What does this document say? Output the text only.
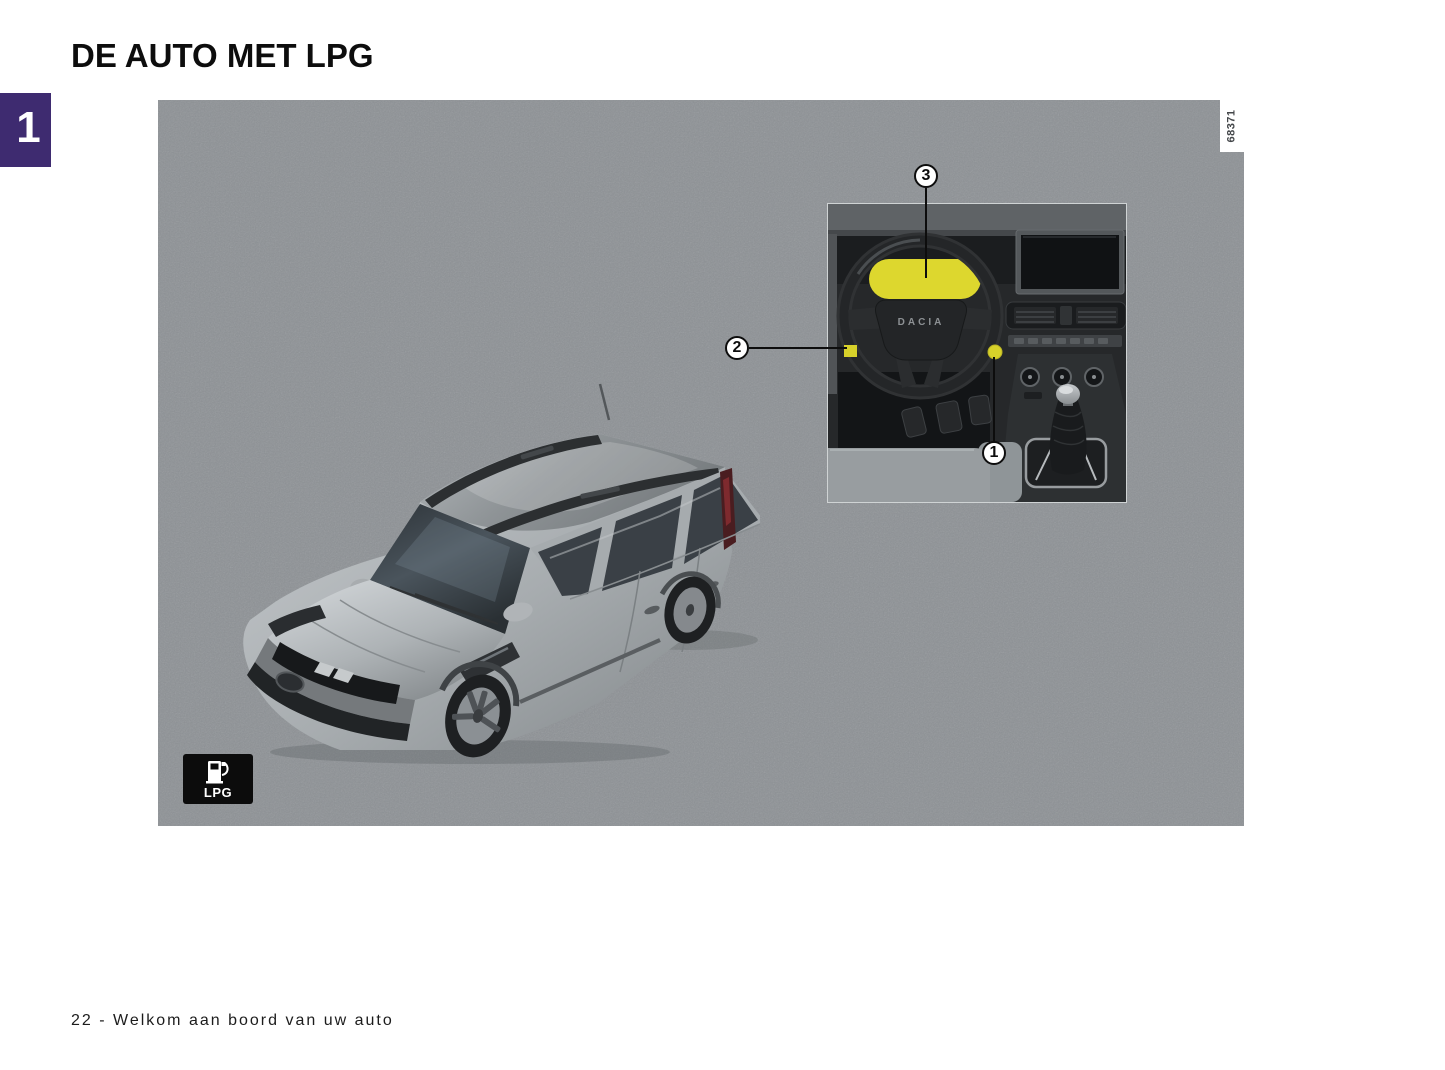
DE AUTO MET LPG
1	68371
DACIA
3
2
1
LPG
22 - Welkom aan boord van uw auto
